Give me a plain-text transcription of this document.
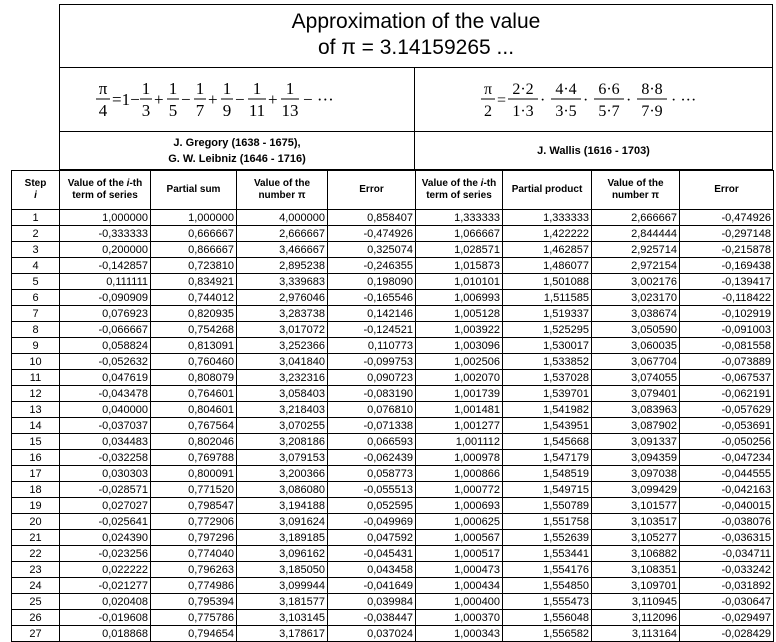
Approximation of the value
of π = 3.14159265 ...
π
4
=1−
1
3
+
1
5
−
1
7
+
1
9
−
1
11
+
1
13
− ···
π
2
=
2·2
1·3
·
4·4
3·5
·
6·6
5·7
·
8·8
7·9
· ···
J. Gregory (1638 - 1675),
G. W. Leibniz (1646 - 1716)
J. Wallis (1616 - 1703)
Step
i	Value of the i-th term of series	Partial sum	Value of the number π	Error	Value of the i-th term of series	Partial product	Value of the number π	Error
1	1,000000	1,000000	4,000000	0,858407	1,333333	1,333333	2,666667	-0,474926
2	-0,333333	0,666667	2,666667	-0,474926	1,066667	1,422222	2,844444	-0,297148
3	0,200000	0,866667	3,466667	0,325074	1,028571	1,462857	2,925714	-0,215878
4	-0,142857	0,723810	2,895238	-0,246355	1,015873	1,486077	2,972154	-0,169438
5	0,111111	0,834921	3,339683	0,198090	1,010101	1,501088	3,002176	-0,139417
6	-0,090909	0,744012	2,976046	-0,165546	1,006993	1,511585	3,023170	-0,118422
7	0,076923	0,820935	3,283738	0,142146	1,005128	1,519337	3,038674	-0,102919
8	-0,066667	0,754268	3,017072	-0,124521	1,003922	1,525295	3,050590	-0,091003
9	0,058824	0,813091	3,252366	0,110773	1,003096	1,530017	3,060035	-0,081558
10	-0,052632	0,760460	3,041840	-0,099753	1,002506	1,533852	3,067704	-0,073889
11	0,047619	0,808079	3,232316	0,090723	1,002070	1,537028	3,074055	-0,067537
12	-0,043478	0,764601	3,058403	-0,083190	1,001739	1,539701	3,079401	-0,062191
13	0,040000	0,804601	3,218403	0,076810	1,001481	1,541982	3,083963	-0,057629
14	-0,037037	0,767564	3,070255	-0,071338	1,001277	1,543951	3,087902	-0,053691
15	0,034483	0,802046	3,208186	0,066593	1,001112	1,545668	3,091337	-0,050256
16	-0,032258	0,769788	3,079153	-0,062439	1,000978	1,547179	3,094359	-0,047234
17	0,030303	0,800091	3,200366	0,058773	1,000866	1,548519	3,097038	-0,044555
18	-0,028571	0,771520	3,086080	-0,055513	1,000772	1,549715	3,099429	-0,042163
19	0,027027	0,798547	3,194188	0,052595	1,000693	1,550789	3,101577	-0,040015
20	-0,025641	0,772906	3,091624	-0,049969	1,000625	1,551758	3,103517	-0,038076
21	0,024390	0,797296	3,189185	0,047592	1,000567	1,552639	3,105277	-0,036315
22	-0,023256	0,774040	3,096162	-0,045431	1,000517	1,553441	3,106882	-0,034711
23	0,022222	0,796263	3,185050	0,043458	1,000473	1,554176	3,108351	-0,033242
24	-0,021277	0,774986	3,099944	-0,041649	1,000434	1,554850	3,109701	-0,031892
25	0,020408	0,795394	3,181577	0,039984	1,000400	1,555473	3,110945	-0,030647
26	-0,019608	0,775786	3,103145	-0,038447	1,000370	1,556048	3,112096	-0,029497
27	0,018868	0,794654	3,178617	0,037024	1,000343	1,556582	3,113164	-0,028429
